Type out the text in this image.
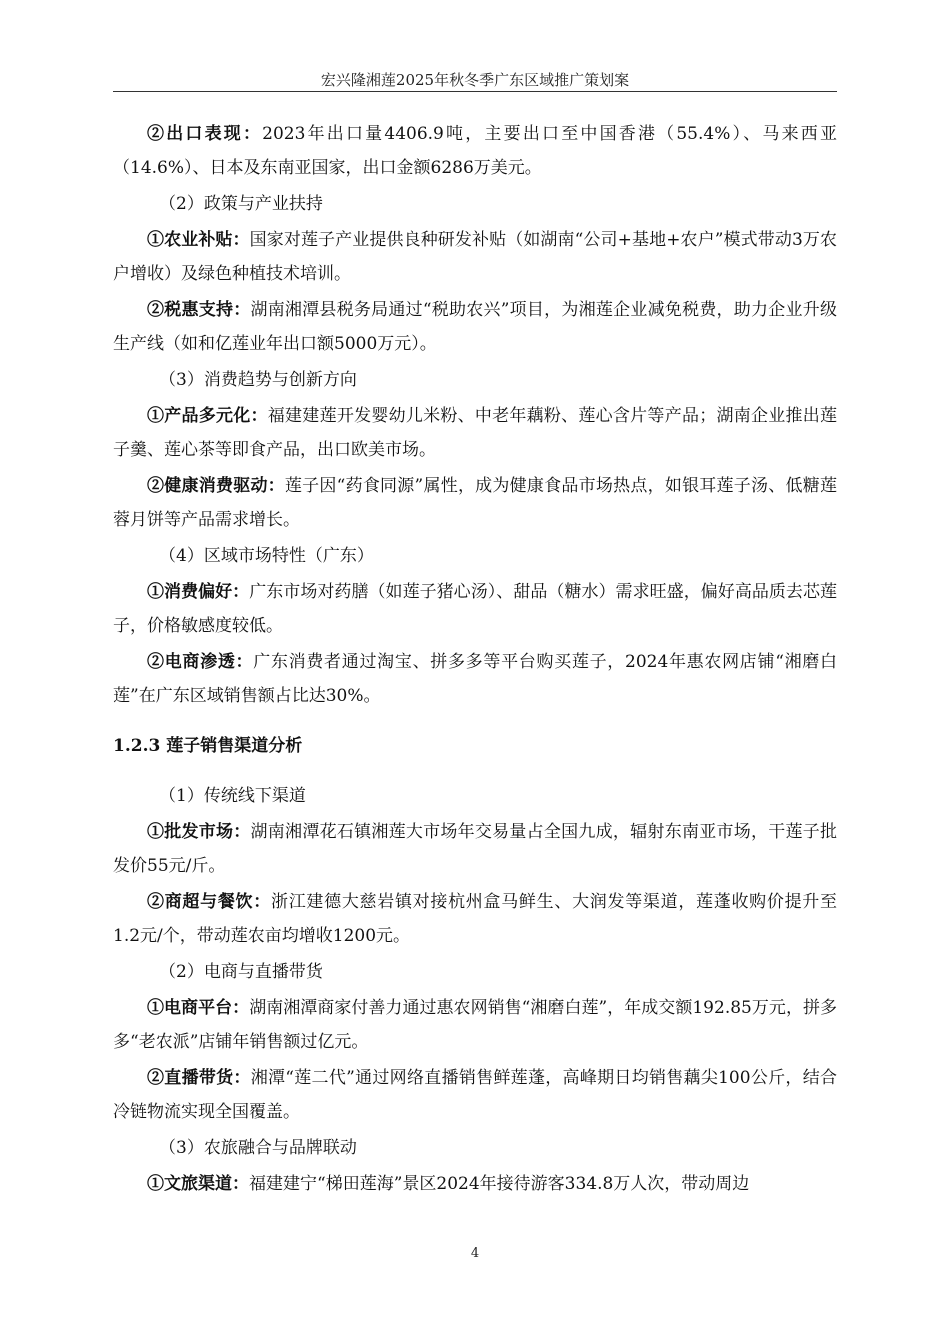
宏兴隆湘莲2025年秋冬季广东区域推广策划案

②出口表现：2023年出口量4406.9吨，主要出口至中国香港（55.4%）、马来西亚（14.6%）、日本及东南亚国家，出口金额6286万美元。

（2）政策与产业扶持

①农业补贴：国家对莲子产业提供良种研发补贴（如湖南“公司+基地+农户”模式带动3万农户增收）及绿色种植技术培训。

②税惠支持：湖南湘潭县税务局通过“税助农兴”项目，为湘莲企业减免税费，助力企业升级生产线（如和亿莲业年出口额5000万元）。

（3）消费趋势与创新方向

①产品多元化：福建建莲开发婴幼儿米粉、中老年藕粉、莲心含片等产品；湖南企业推出莲子羹、莲心茶等即食产品，出口欧美市场。

②健康消费驱动：莲子因“药食同源”属性，成为健康食品市场热点，如银耳莲子汤、低糖莲蓉月饼等产品需求增长。

（4）区域市场特性（广东）

①消费偏好：广东市场对药膳（如莲子猪心汤）、甜品（糖水）需求旺盛，偏好高品质去芯莲子，价格敏感度较低。

②电商渗透：广东消费者通过淘宝、拼多多等平台购买莲子，2024年惠农网店铺“湘磨白莲”在广东区域销售额占比达30%。

1.2.3 莲子销售渠道分析

（1）传统线下渠道

①批发市场：湖南湘潭花石镇湘莲大市场年交易量占全国九成，辐射东南亚市场，干莲子批发价55元/斤。

②商超与餐饮：浙江建德大慈岩镇对接杭州盒马鲜生、大润发等渠道，莲蓬收购价提升至1.2元/个，带动莲农亩均增收1200元。

（2）电商与直播带货

①电商平台：湖南湘潭商家付善力通过惠农网销售“湘磨白莲”，年成交额192.85万元，拼多多“老农派”店铺年销售额过亿元。

②直播带货：湘潭“莲二代”通过网络直播销售鲜莲蓬，高峰期日均销售藕尖100公斤，结合冷链物流实现全国覆盖。

（3）农旅融合与品牌联动

①文旅渠道：福建建宁“梯田莲海”景区2024年接待游客334.8万人次，带动周边

4
